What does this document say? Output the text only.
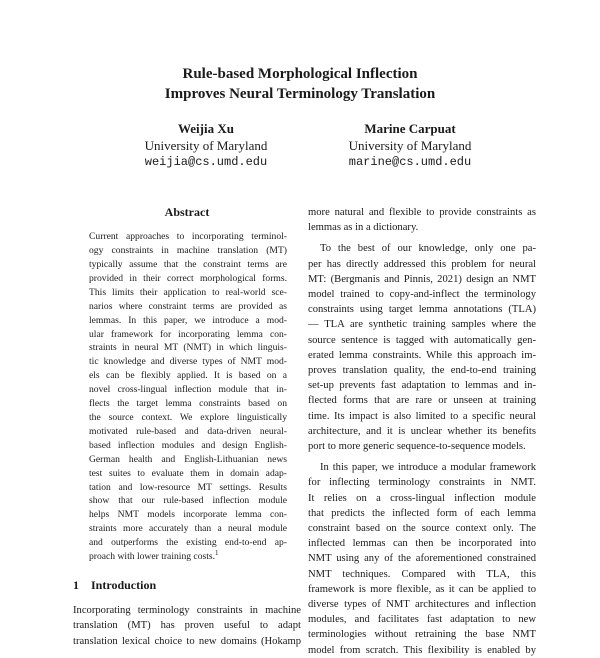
Rule-based Morphological Inflection
Improves Neural Terminology Translation
Weijia Xu
University of Maryland
weijia@cs.umd.edu
Marine Carpuat
University of Maryland
marine@cs.umd.edu
Abstract
Current approaches to incorporating terminol-
ogy constraints in machine translation (MT)
typically assume that the constraint terms are
provided in their correct morphological forms.
This limits their application to real-world sce-
narios where constraint terms are provided as
lemmas. In this paper, we introduce a mod-
ular framework for incorporating lemma con-
straints in neural MT (NMT) in which linguis-
tic knowledge and diverse types of NMT mod-
els can be flexibly applied. It is based on a
novel cross-lingual inflection module that in-
flects the target lemma constraints based on
the source context. We explore linguistically
motivated rule-based and data-driven neural-
based inflection modules and design English-
German health and English-Lithuanian news
test suites to evaluate them in domain adap-
tation and low-resource MT settings. Results
show that our rule-based inflection module
helps NMT models incorporate lemma con-
straints more accurately than a neural module
and outperforms the existing end-to-end ap-
proach with lower training costs.$^1$
1 Introduction
Incorporating terminology constraints in machine
translation (MT) has proven useful to adapt
translation lexical choice to new domains (Hokamp
more natural and flexible to provide constraints as
lemmas as in a dictionary.
To the best of our knowledge, only one pa-
per has directly addressed this problem for neural
MT: (Bergmanis and Pinnis, 2021) design an NMT
model trained to copy-and-inflect the terminology
constraints using target lemma annotations (TLA)
— TLA are synthetic training samples where the
source sentence is tagged with automatically gen-
erated lemma constraints. While this approach im-
proves translation quality, the end-to-end training
set-up prevents fast adaptation to lemmas and in-
flected forms that are rare or unseen at training
time. Its impact is also limited to a specific neural
architecture, and it is unclear whether its benefits
port to more generic sequence-to-sequence models.
In this paper, we introduce a modular framework
for inflecting terminology constraints in NMT.
It relies on a cross-lingual inflection module
that predicts the inflected form of each lemma
constraint based on the source context only. The
inflected lemmas can then be incorporated into
NMT using any of the aforementioned constrained
NMT techniques. Compared with TLA, this
framework is more flexible, as it can be applied to
diverse types of NMT architectures and inflection
modules, and facilitates fast adaptation to new
terminologies without retraining the base NMT
model from scratch. This flexibility is enabled by
